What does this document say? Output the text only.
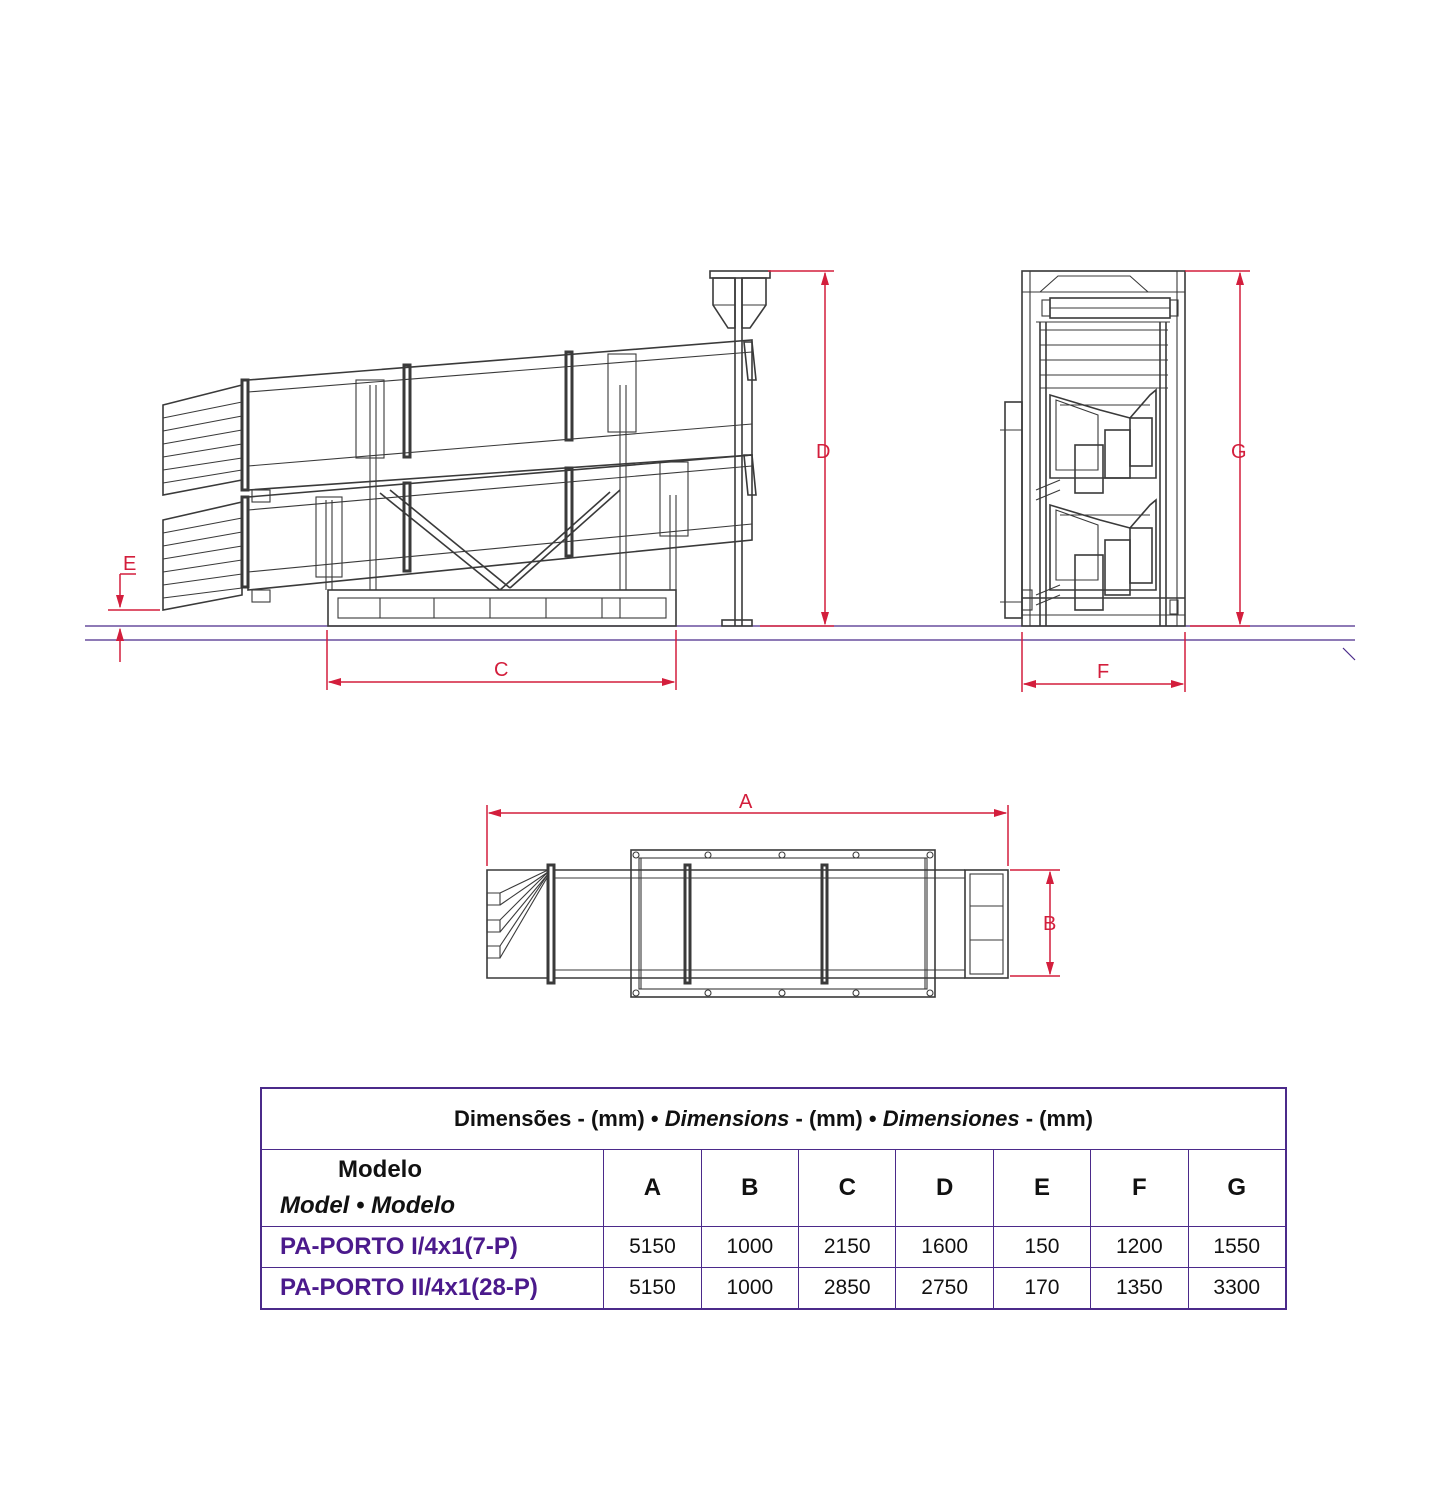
E
C
D	G
F
A
B
Dimensões - (mm) • Dimensions - (mm) • Dimensiones - (mm)							

Modelo
Model • Modelo	A	B	C	D	E	F	G
PA-PORTO I/4x1(7-P)	5150	1000	2150	1600	150	1200	1550
PA-PORTO II/4x1(28-P)	5150	1000	2850	2750	170	1350	3300
